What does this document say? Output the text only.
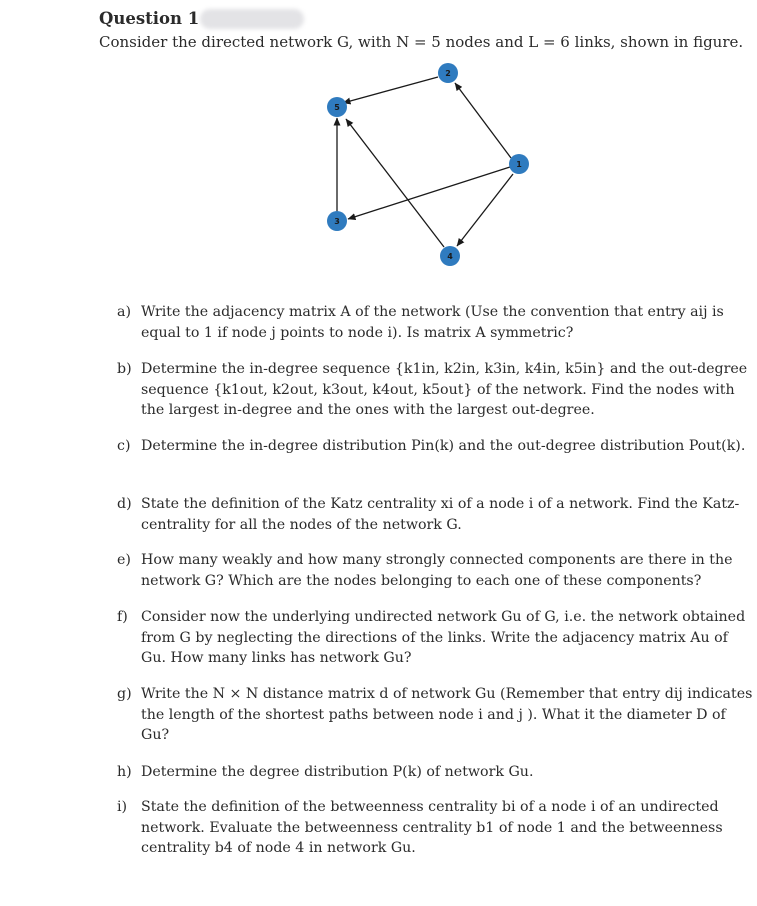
Question 1
Consider the directed network G, with N = 5 nodes and L = 6 links, shown in figure.
2
5
1
3
4
a) Write the adjacency matrix A of the network (Use the convention that entry aij is equal to 1 if node j points to node i). Is matrix A symmetric?
b) Determine the in-degree sequence {k1in, k2in, k3in, k4in, k5in} and the out-degree sequence {k1out, k2out, k3out, k4out, k5out} of the network. Find the nodes with the largest in-degree and the ones with the largest out-degree.
c) Determine the in-degree distribution Pin(k) and the out-degree distribution Pout(k).
d) State the definition of the Katz centrality xi of a node i of a network. Find the Katz-centrality for all the nodes of the network G.
e) How many weakly and how many strongly connected components are there in the network G? Which are the nodes belonging to each one of these components?
f) Consider now the underlying undirected network Gu of G, i.e. the network obtained from G by neglecting the directions of the links. Write the adjacency matrix Au of Gu. How many links has network Gu?
g) Write the N × N distance matrix d of network Gu (Remember that entry dij indicates the length of the shortest paths between node i and j ). What it the diameter D of Gu?
h) Determine the degree distribution P(k) of network Gu.
i) State the definition of the betweenness centrality bi of a node i of an undirected network. Evaluate the betweenness centrality b1 of node 1 and the betweenness centrality b4 of node 4 in network Gu.
